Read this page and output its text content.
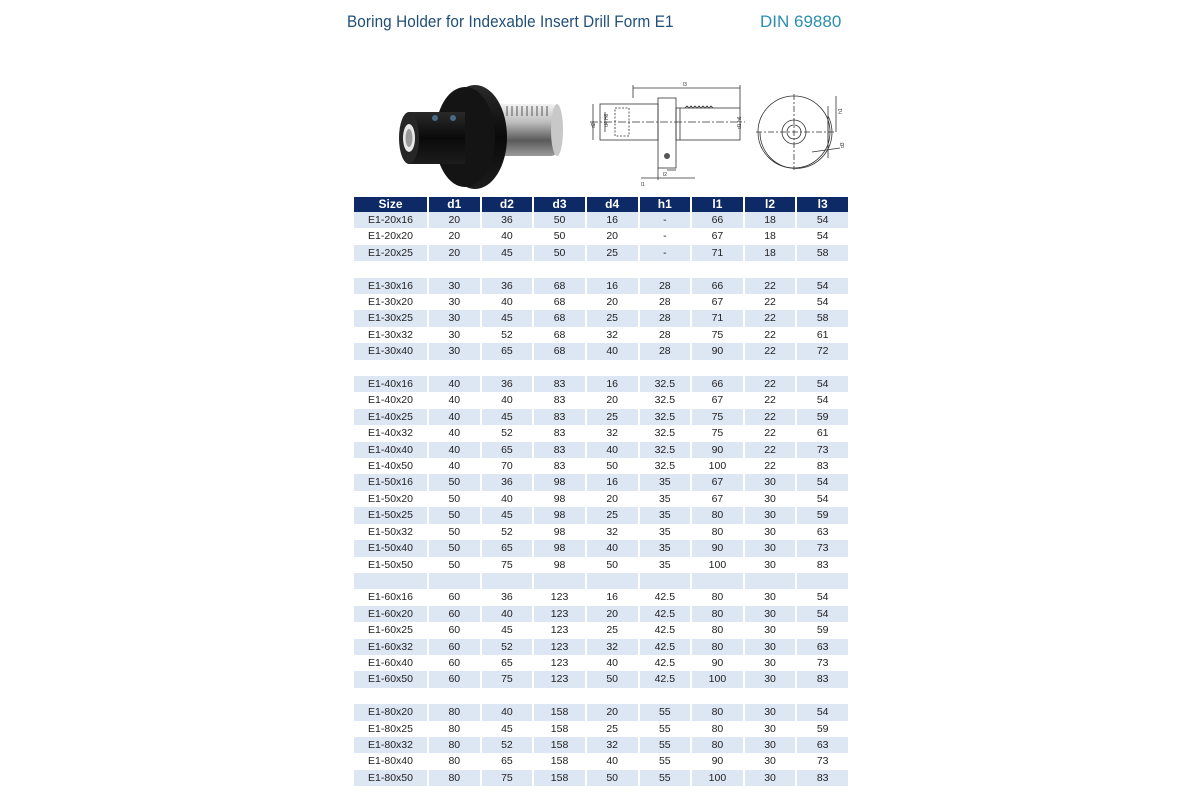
Boring Holder for Indexable Insert Drill Form E1	DIN 69880
l3
d2 d4 H6	d1 h6
l2
l1
h1
d3
Size	d1	d2	d3	d4	h1	l1	l2	l3
E1-20x16	20	36	50	16	-	66	18	54
E1-20x20	20	40	50	20	-	67	18	54
E1-20x25	20	45	50	25	-	71	18	58

E1-30x16	30	36	68	16	28	66	22	54
E1-30x20	30	40	68	20	28	67	22	54
E1-30x25	30	45	68	25	28	71	22	58
E1-30x32	30	52	68	32	28	75	22	61
E1-30x40	30	65	68	40	28	90	22	72

E1-40x16	40	36	83	16	32.5	66	22	54
E1-40x20	40	40	83	20	32.5	67	22	54
E1-40x25	40	45	83	25	32.5	75	22	59
E1-40x32	40	52	83	32	32.5	75	22	61
E1-40x40	40	65	83	40	32.5	90	22	73
E1-40x50	40	70	83	50	32.5	100	22	83
E1-50x16	50	36	98	16	35	67	30	54
E1-50x20	50	40	98	20	35	67	30	54
E1-50x25	50	45	98	25	35	80	30	59
E1-50x32	50	52	98	32	35	80	30	63
E1-50x40	50	65	98	40	35	90	30	73
E1-50x50	50	75	98	50	35	100	30	83

E1-60x16	60	36	123	16	42.5	80	30	54
E1-60x20	60	40	123	20	42.5	80	30	54
E1-60x25	60	45	123	25	42.5	80	30	59
E1-60x32	60	52	123	32	42.5	80	30	63
E1-60x40	60	65	123	40	42.5	90	30	73
E1-60x50	60	75	123	50	42.5	100	30	83

E1-80x20	80	40	158	20	55	80	30	54
E1-80x25	80	45	158	25	55	80	30	59
E1-80x32	80	52	158	32	55	80	30	63
E1-80x40	80	65	158	40	55	90	30	73
E1-80x50	80	75	158	50	55	100	30	83
